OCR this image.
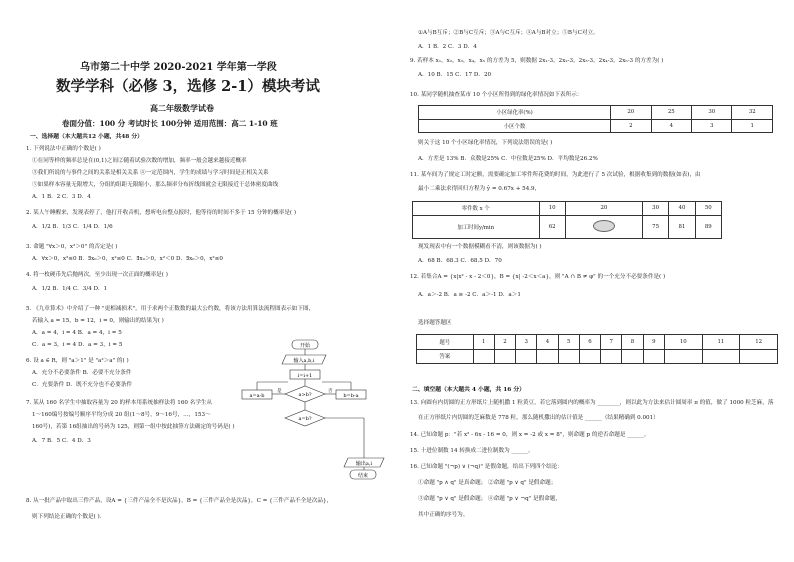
乌市第二十中学 2020-2021 学年第一学段
数学学科（必修 3，选修 2-1）模块考试
高二年级数学试卷
卷面分值：100 分 考试时长 100分钟 适用范围：高二 1-10 班
一、选择题（本大题共12 小题，共48 分）
1. 下列说法中正确的个数是( )
①在同等样的频率总是在(0,1)之间②随着试验次数的增加，频率一般会越来越接近概率
③我们所说的与事件之间的关系是相关关系 ④一定范围内，学生的成绩与学习时间是正相关关系
⑤如果样本容量无限增大，分组的组距无限缩小，那么频率分布折线图就会无限接近于总体密度曲线
A．1 B．2 C．3 D．4
2. 某人午睡醒来，发现表停了，他打开收音机，想听电台整点报时，他等待的时间不多于 15 分钟的概率是( )
A．1/2 B．1/3 C．1/4 D．1/6
3. 命题 "∀x＞0，x²＞0" 的否定是( )
A．∀x＞0，x²≤0 B．∃x₀＞0，x²≤0 C．∃x₀＞0，x²＜0 D．∃x₀＞0，x²≤0
4. 将一枚硬币先后抛两次，至少出现一次正面的概率是( )
A．1/2 B．1/4 C．3/4 D．1
5. 《九章算术》中介绍了一种 "更相减损术"，用于求两个正数数的最大公约数，将该方法用算法流程图表示如下图，
若输入 a = 15，b = 12，i = 0，则输出的结果为( )
A．a = 4，i = 4 B．a = 4，i = 5
C．a = 3，i = 4 D．a = 3，i = 5
6. 设 a ∈ R，则 "a＞1" 是 "a²＞a" 的( )
A．充分不必要条件 B．必要不充分条件
C．充要条件 D．既不充分也不必要条件
7. 某从 160 名学生中抽取容量为 20 的样本用系统抽样法将 160 名学生从
1～160编号按编号顺序平均分成 20 组(1～8号，9～16号，…，153～
160号)，若第 16组抽出的号码为 125，则第一组中按此抽签方法确定的号码是( )
A．7 B．5 C．4 D．3
8. 从一批产品中取出三件产品，设A = {三件产品全不是次品}，B = {三件产品全是次品}，C = {三件产品不全是次品}，
则下列结论正确的个数是( ).
开始
输入a,b,i
i=i+1
a>b?
a=b?
a=a-b	b=b-a
输出a,i
结束
是	否
①A与B互斥；②B与C互斥；③A与C互斥；④A与B对立；⑤B与C对立。
A．1 B．2 C．3 D．4
9. 若样本 x₁，x₂，x₃，x₄，x₅ 的方差为 5，则数据 2x₁-3，2x₂-3，2x₃-3，2x₄-3，2x₅-3 的方差为( )
A．10 B．15 C．17 D．20
10. 某同学随机抽查某市 10 个小区所得到的绿化率情况如下表所示：
则关于这 10 个小区绿化率情况，下列说法错误的是( )
A．方差是 13% B．众数是25% C．中位数是25% D．平均数是26.2%
11. 某车间为了规定工时定额，需要确定加工零件所花费的时间，为此进行了 5 次试验，根据收集到的数据(如表)，由
最小二乘法求得回归方程为 ŷ = 0.67x + 54.9，
现发现表中有一个数据模糊看不清，则该数据为( )
A．68 B．68.3 C．68.5 D．70
12. 若集合A = {x|x² - x - 2＜0}，B = {x| -2＜x＜a}，则 "A ∩ B ≠ φ" 的一个充分不必要条件是( )
A．a＞-2 B．a ≥ -2 C．a＞-1 D．a＞1
小区绿化率(%)	20	25	30	32
小区个数	2	4	3	1
零件数 x 个	10	20	30	40	50
加工时间y/min	62		75	81	89
选择题答题区
题号	1	2	3	4	5	6	7	8	9	10	11	12
答案												
二、填空题（本大题共 4 小题，共 16 分）
13. 向圆有内切圆的正方形纸片上随机撒 1 粒黄豆，若它落到圆内的概率为 ________，则以此为方法来估计圆周率 π 的值，做了 1000 粒芝麻，落
在正方形纸片内切圆的芝麻数是 778 粒，那么随机撒出的估计值是 ______（结果精确到 0.001）
14. 已知命题 p："若 x² - 6x - 16 = 0，则 x = -2 或 x = 8"，则命题 p 的逆否命题是 ______。
15. 十进位制数 14 转换成二进位制数为 ______。
16. 已知命题 "(¬p) ∨ (¬q)" 是假命题，给出下列四个结论：
①命题 "p ∧ q" 是真命题； ②命题 "p ∨ q" 是假命题；
③命题 "p ∨ q" 是假命题； ④命题 "p ∨ ¬q" 是假命题，
其中正确的序号为。
